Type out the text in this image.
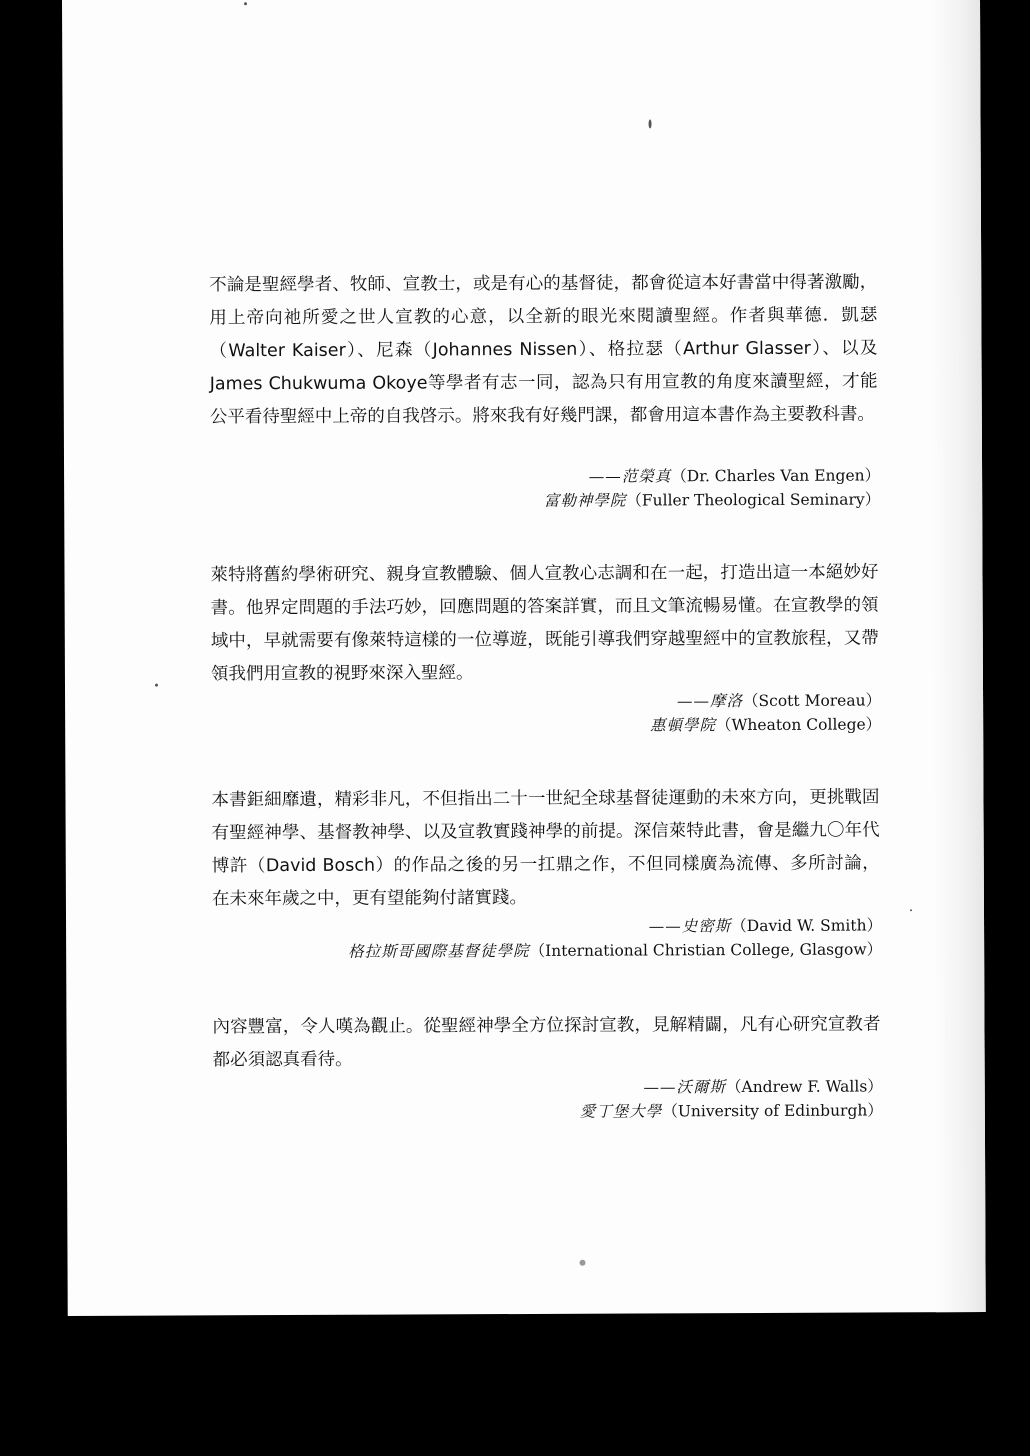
不論是聖經學者、牧師、宣教士，或是有心的基督徒，都會從這本好書當中得著激勵，用上帝向祂所愛之世人宣教的心意，以全新的眼光來閱讀聖經。作者與華德．凱瑟（Walter Kaiser）、尼森（Johannes Nissen）、格拉瑟（Arthur Glasser）、以及James Chukwuma Okoye等學者有志一同，認為只有用宣教的角度來讀聖經，才能公平看待聖經中上帝的自我啓示。將來我有好幾門課，都會用這本書作為主要教科書。
——范榮真（Dr. Charles Van Engen）
富勒神學院（Fuller Theological Seminary）
萊特將舊約學術研究、親身宣教體驗、個人宣教心志調和在一起，打造出這一本絕妙好書。他界定問題的手法巧妙，回應問題的答案詳實，而且文筆流暢易懂。在宣教學的領域中，早就需要有像萊特這樣的一位導遊，既能引導我們穿越聖經中的宣教旅程，又帶領我們用宣教的視野來深入聖經。
——摩洛（Scott Moreau）
惠頓學院（Wheaton College）
本書鉅細靡遺，精彩非凡，不但指出二十一世紀全球基督徒運動的未來方向，更挑戰固有聖經神學、基督教神學、以及宣教實踐神學的前提。深信萊特此書，會是繼九〇年代博許（David Bosch）的作品之後的另一扛鼎之作，不但同樣廣為流傳、多所討論，在未來年歲之中，更有望能夠付諸實踐。
——史密斯（David W. Smith）
格拉斯哥國際基督徒學院（International Christian College, Glasgow）
內容豐富，令人嘆為觀止。從聖經神學全方位探討宣教，見解精闢，凡有心研究宣教者都必須認真看待。
——沃爾斯（Andrew F. Walls）
愛丁堡大學（University of Edinburgh）
